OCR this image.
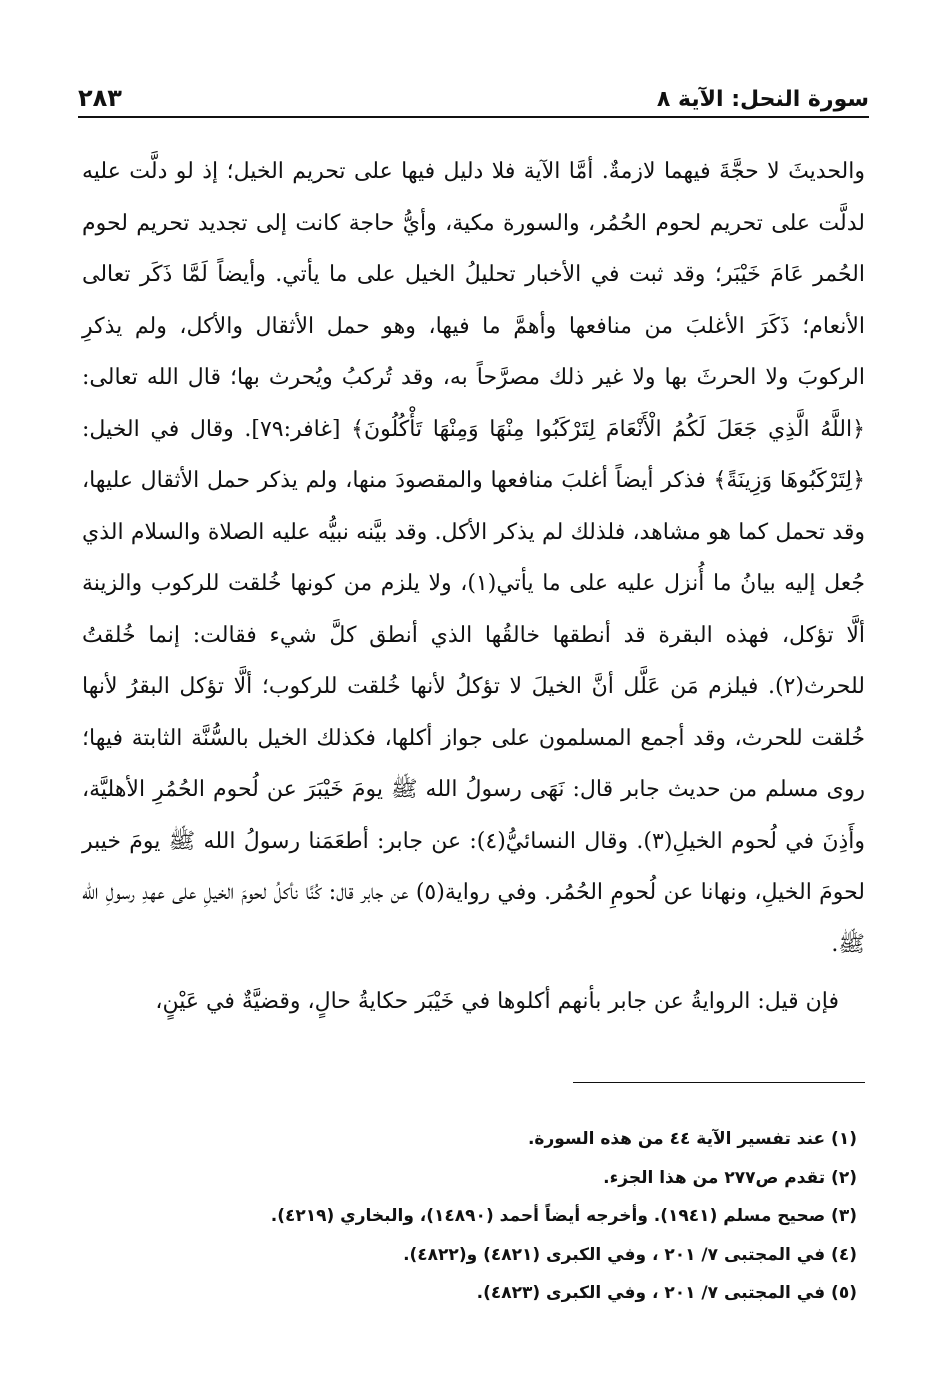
سورة النحل: الآية ٨
٢٨٣

والحديثَ لا حجَّةَ فيهما لازمةٌ. أمَّا الآية فلا دليل فيها على تحريم الخيل؛ إذ لو دلَّت عليه لدلَّت على تحريم لحوم الحُمُر، والسورة مكية، وأيُّ حاجة كانت إلى تجديد تحريم لحوم الحُمر عَامَ خَيْبَر؛ وقد ثبت في الأخبار تحليلُ الخيل على ما يأتي. وأيضاً لَمَّا ذَكَر تعالى الأنعام؛ ذَكَرَ الأغلبَ من منافعها وأهمَّ ما فيها، وهو حمل الأثقال والأكل، ولم يذكرِ الركوبَ ولا الحرثَ بها ولا غير ذلك مصرَّحاً به، وقد تُركبُ ويُحرث بها؛ قال الله تعالى: ﴿اللَّهُ الَّذِي جَعَلَ لَكُمُ الْأَنْعَامَ لِتَرْكَبُوا مِنْهَا وَمِنْهَا تَأْكُلُونَ﴾ [غافر:٧٩]. وقال في الخيل: ﴿لِتَرْكَبُوهَا وَزِينَةً﴾ فذكر أيضاً أغلبَ منافعها والمقصودَ منها، ولم يذكر حمل الأثقال عليها، وقد تحمل كما هو مشاهد، فلذلك لم يذكر الأكل. وقد بيَّنه نبيُّه عليه الصلاة والسلام الذي جُعل إليه بيانُ ما أُنزل عليه على ما يأتي(١)، ولا يلزم من كونها خُلقت للركوب والزينة ألَّا تؤكل، فهذه البقرة قد أنطقها خالقُها الذي أنطق كلَّ شيء فقالت: إنما خُلقتُ للحرث(٢). فيلزم مَن عَلَّل أنَّ الخيلَ لا تؤكلُ لأنها خُلقت للركوب؛ ألَّا تؤكل البقرُ لأنها خُلقت للحرث، وقد أجمع المسلمون على جواز أكلها، فكذلك الخيل بالسُّنَّة الثابتة فيها؛ روى مسلم من حديث جابر قال: نَهَى رسولُ الله ﷺ يومَ خَيْبَرَ عن لُحوم الحُمُرِ الأهليَّة، وأَذِنَ في لُحوم الخيلِ(٣). وقال النسائيُّ(٤): عن جابر: أطعَمَنا رسولُ الله ﷺ يومَ خيبر لحومَ الخيلِ، ونهانا عن لُحومِ الحُمُر. وفي رواية(٥) عن جابر قال: كُنَّا نأكلُ لحومَ الخيلِ على عهدِ رسولِ الله ﷺ.

فإن قيل: الروايةُ عن جابر بأنهم أكلوها في خَيْبَر حكايةُ حالٍ، وقضيَّةٌ في عَيْنٍ،

(١) عند تفسير الآية ٤٤ من هذه السورة.
(٢) تقدم ص٢٧٧ من هذا الجزء.
(٣) صحيح مسلم (١٩٤١). وأخرجه أيضاً أحمد (١٤٨٩٠)، والبخاري (٤٢١٩).
(٤) في المجتبى ٧/ ٢٠١ ، وفي الكبرى (٤٨٢١) و(٤٨٢٢).
(٥) في المجتبى ٧/ ٢٠١ ، وفي الكبرى (٤٨٢٣).
